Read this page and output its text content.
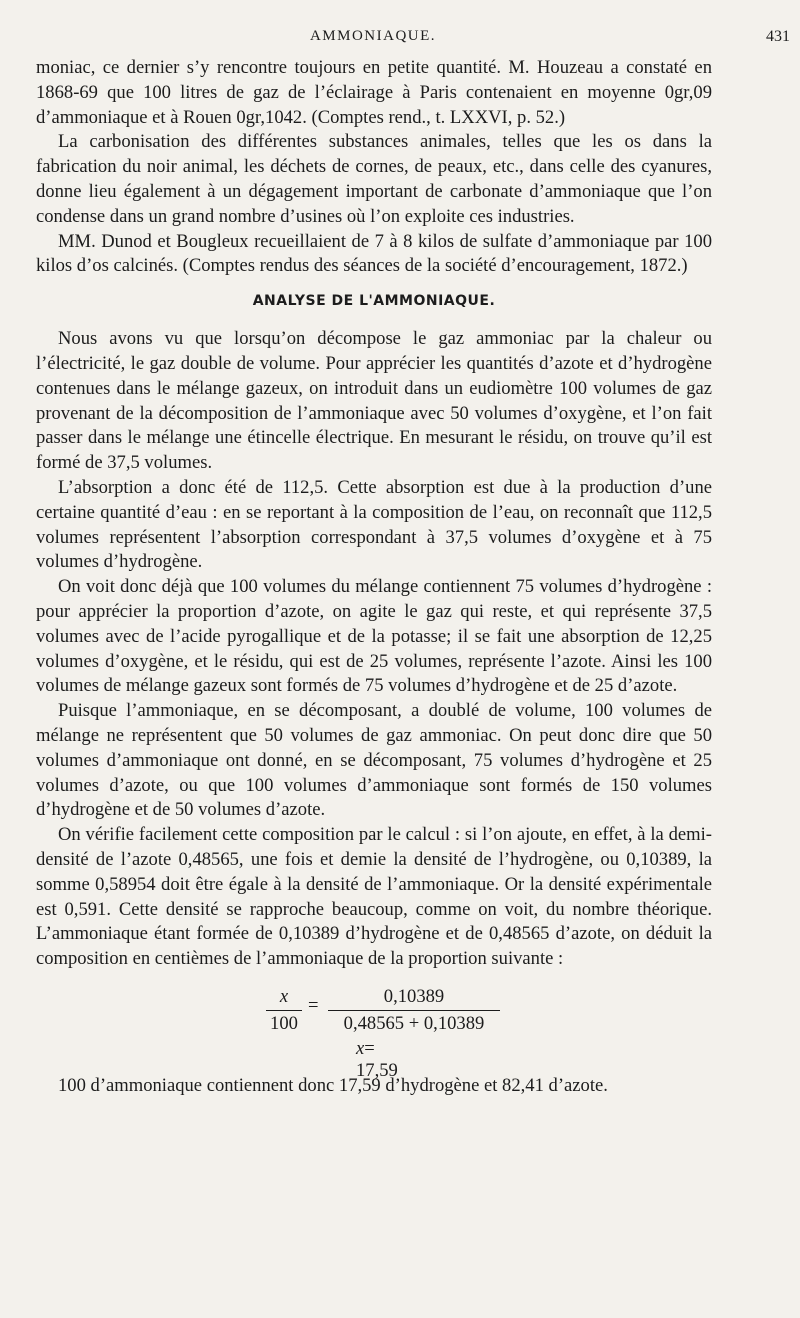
AMMONIAQUE.	431

moniac, ce dernier s’y rencontre toujours en petite quantité. M. Houzeau a constaté en 1868-69 que 100 litres de gaz de l’éclairage à Paris contenaient en moyenne 0gr,09 d’ammoniaque et à Rouen 0gr,1042. (Comptes rend., t. LXXVI, p. 52.)

La carbonisation des différentes substances animales, telles que les os dans la fabrication du noir animal, les déchets de cornes, de peaux, etc., dans celle des cyanures, donne lieu également à un dégagement important de carbonate d’ammoniaque que l’on condense dans un grand nombre d’usines où l’on exploite ces industries.

MM. Dunod et Bougleux recueillaient de 7 à 8 kilos de sulfate d’ammoniaque par 100 kilos d’os calcinés. (Comptes rendus des séances de la société d’encouragement, 1872.)

ANALYSE DE L'AMMONIAQUE.

Nous avons vu que lorsqu’on décompose le gaz ammoniac par la chaleur ou l’électricité, le gaz double de volume. Pour apprécier les quantités d’azote et d’hydrogène contenues dans le mélange gazeux, on introduit dans un eudiomètre 100 volumes de gaz provenant de la décomposition de l’ammoniaque avec 50 volumes d’oxygène, et l’on fait passer dans le mélange une étincelle électrique. En mesurant le résidu, on trouve qu’il est formé de 37,5 volumes.

L’absorption a donc été de 112,5. Cette absorption est due à la production d’une certaine quantité d’eau : en se reportant à la composition de l’eau, on reconnaît que 112,5 volumes représentent l’absorption correspondant à 37,5 volumes d’oxygène et à 75 volumes d’hydrogène.

On voit donc déjà que 100 volumes du mélange contiennent 75 volumes d’hydrogène : pour apprécier la proportion d’azote, on agite le gaz qui reste, et qui représente 37,5 volumes avec de l’acide pyrogallique et de la potasse; il se fait une absorption de 12,25 volumes d’oxygène, et le résidu, qui est de 25 volumes, représente l’azote. Ainsi les 100 volumes de mélange gazeux sont formés de 75 volumes d’hydrogène et de 25 d’azote.

Puisque l’ammoniaque, en se décomposant, a doublé de volume, 100 volumes de mélange ne représentent que 50 volumes de gaz ammoniac. On peut donc dire que 50 volumes d’ammoniaque ont donné, en se décomposant, 75 volumes d’hydrogène et 25 volumes d’azote, ou que 100 volumes d’ammoniaque sont formés de 150 volumes d’hydrogène et de 50 volumes d’azote.

On vérifie facilement cette composition par le calcul : si l’on ajoute, en effet, à la demi-densité de l’azote 0,48565, une fois et demie la densité de l’hydrogène, ou 0,10389, la somme 0,58954 doit être égale à la densité de l’ammoniaque. Or la densité expérimentale est 0,591. Cette densité se rapproche beaucoup, comme on voit, du nombre théorique. L’ammoniaque étant formée de 0,10389 d’hydrogène et de 0,48565 d’azote, on déduit la composition en centièmes de l’ammoniaque de la proportion suivante :

x
100
=	0,10389
0,48565 + 0,10389
x= 17,59

100 d’ammoniaque contiennent donc 17,59 d’hydrogène et 82,41 d’azote.
